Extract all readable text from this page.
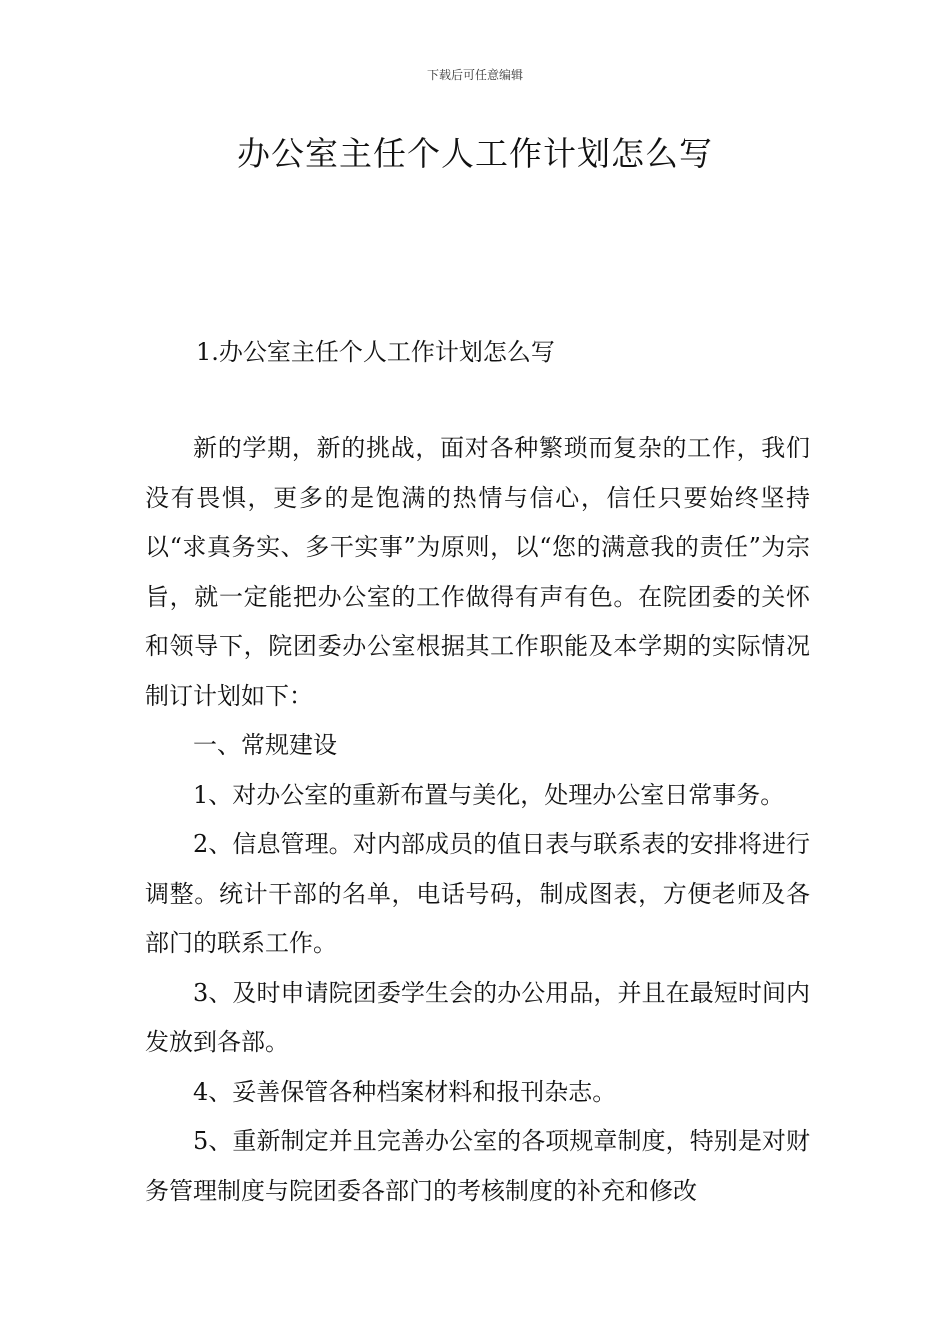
下载后可任意编辑
办公室主任个人工作计划怎么写
1.办公室主任个人工作计划怎么写

新的学期，新的挑战，面对各种繁琐而复杂的工作，我们没有畏惧，更多的是饱满的热情与信心，信任只要始终坚持以“求真务实、多干实事”为原则，以“您的满意我的责任”为宗旨，就一定能把办公室的工作做得有声有色。在院团委的关怀和领导下，院团委办公室根据其工作职能及本学期的实际情况制订计划如下：

一、常规建设

1、对办公室的重新布置与美化，处理办公室日常事务。

2、信息管理。对内部成员的值日表与联系表的安排将进行调整。统计干部的名单，电话号码，制成图表，方便老师及各部门的联系工作。

3、及时申请院团委学生会的办公用品，并且在最短时间内发放到各部。

4、妥善保管各种档案材料和报刊杂志。

5、重新制定并且完善办公室的各项规章制度，特别是对财务管理制度与院团委各部门的考核制度的补充和修改
